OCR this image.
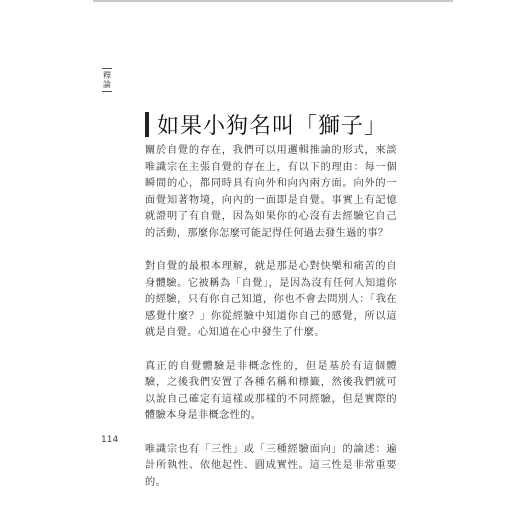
釋論
如果小狗名叫「獅子」

關於自覺的存在，我們可以用邏輯推論的形式，來談唯識宗在主張自覺的存在上，有以下的理由：每一個瞬間的心，都同時具有向外和向內兩方面。向外的一面覺知著物境，向內的一面即是自覺。事實上有記憶就證明了有自覺，因為如果你的心沒有去經驗它自己的活動，那麼你怎麼可能記得任何過去發生過的事？

對自覺的最根本理解，就是那是心對快樂和痛苦的自身體驗。它被稱為「自覺」，是因為沒有任何人知道你的經驗，只有你自己知道，你也不會去問別人：「我在感覺什麼？」你從經驗中知道你自己的感覺，所以這就是自覺。心知道在心中發生了什麼。

真正的自覺體驗是非概念性的，但是基於有這個體驗，之後我們安置了各種名稱和標籤，然後我們就可以說自己確定有這樣或那樣的不同經驗，但是實際的體驗本身是非概念性的。

唯識宗也有「三性」或「三種經驗面向」的論述：遍計所執性、依他起性、圓成實性。這三性是非常重要的。

114
